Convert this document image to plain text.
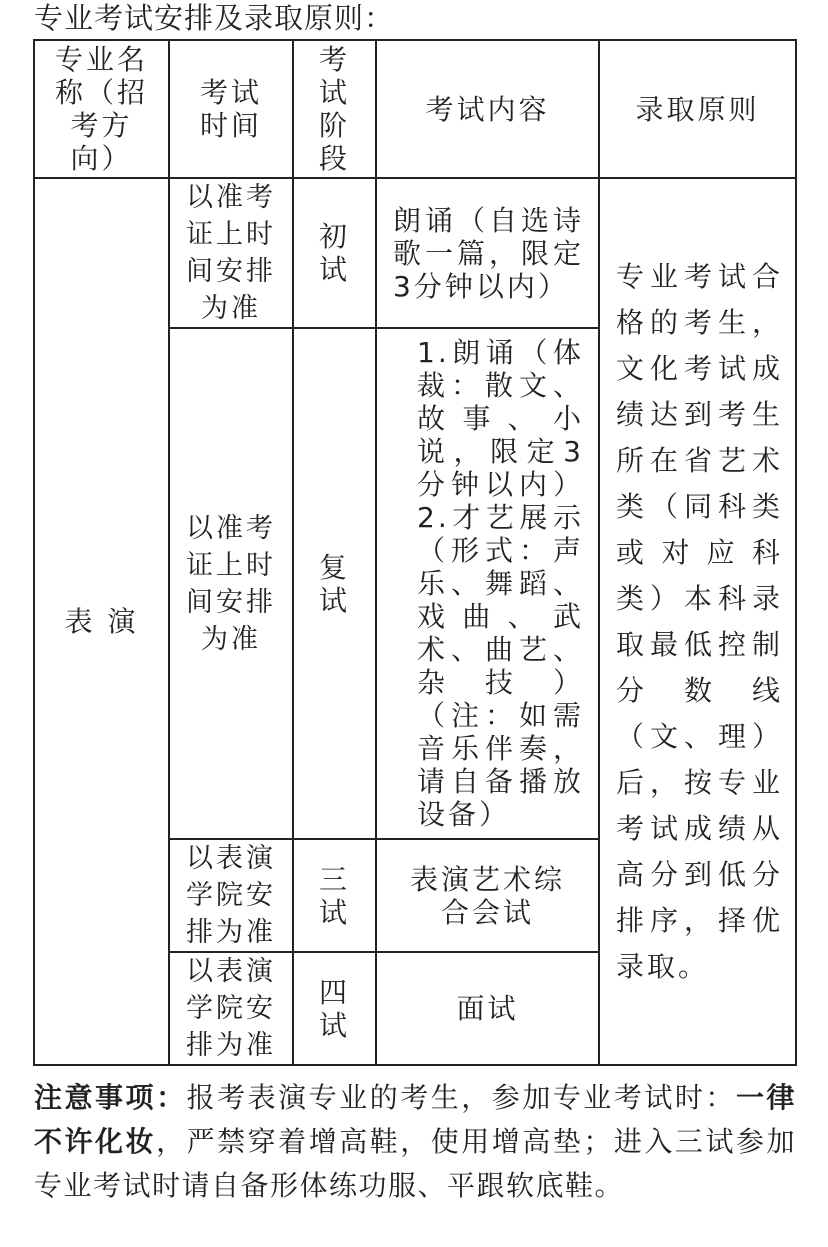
专业考试安排及录取原则：
专业名称（招考方向）	考试时间	考试阶段	考试内容	录取原则
表 演	以准考证上时间安排为准	初试	朗诵（自选诗歌一篇，限定3分钟以内）	专业考试合格的考生，文化考试成绩达到考生所在省艺术类（同科类或对应科类）本科录取最低控制分数线（文、理）后，按专业考试成绩从高分到低分排序，择优录取。
	以准考证上时间安排为准	复试	1.朗诵（体裁：散文、故事、小说，限定3分钟以内）2.才艺展示（形式：声乐、舞蹈、戏曲、武术、曲艺、杂技）（注：如需音乐伴奏，请自备播放设备）	
	以表演学院安排为准	三试	表演艺术综合会试	
	以表演学院安排为准	四试	面试	

注意事项：报考表演专业的考生，参加专业考试时：一律不许化妆，严禁穿着增高鞋，使用增高垫；进入三试参加专业考试时请自备形体练功服、平跟软底鞋。
